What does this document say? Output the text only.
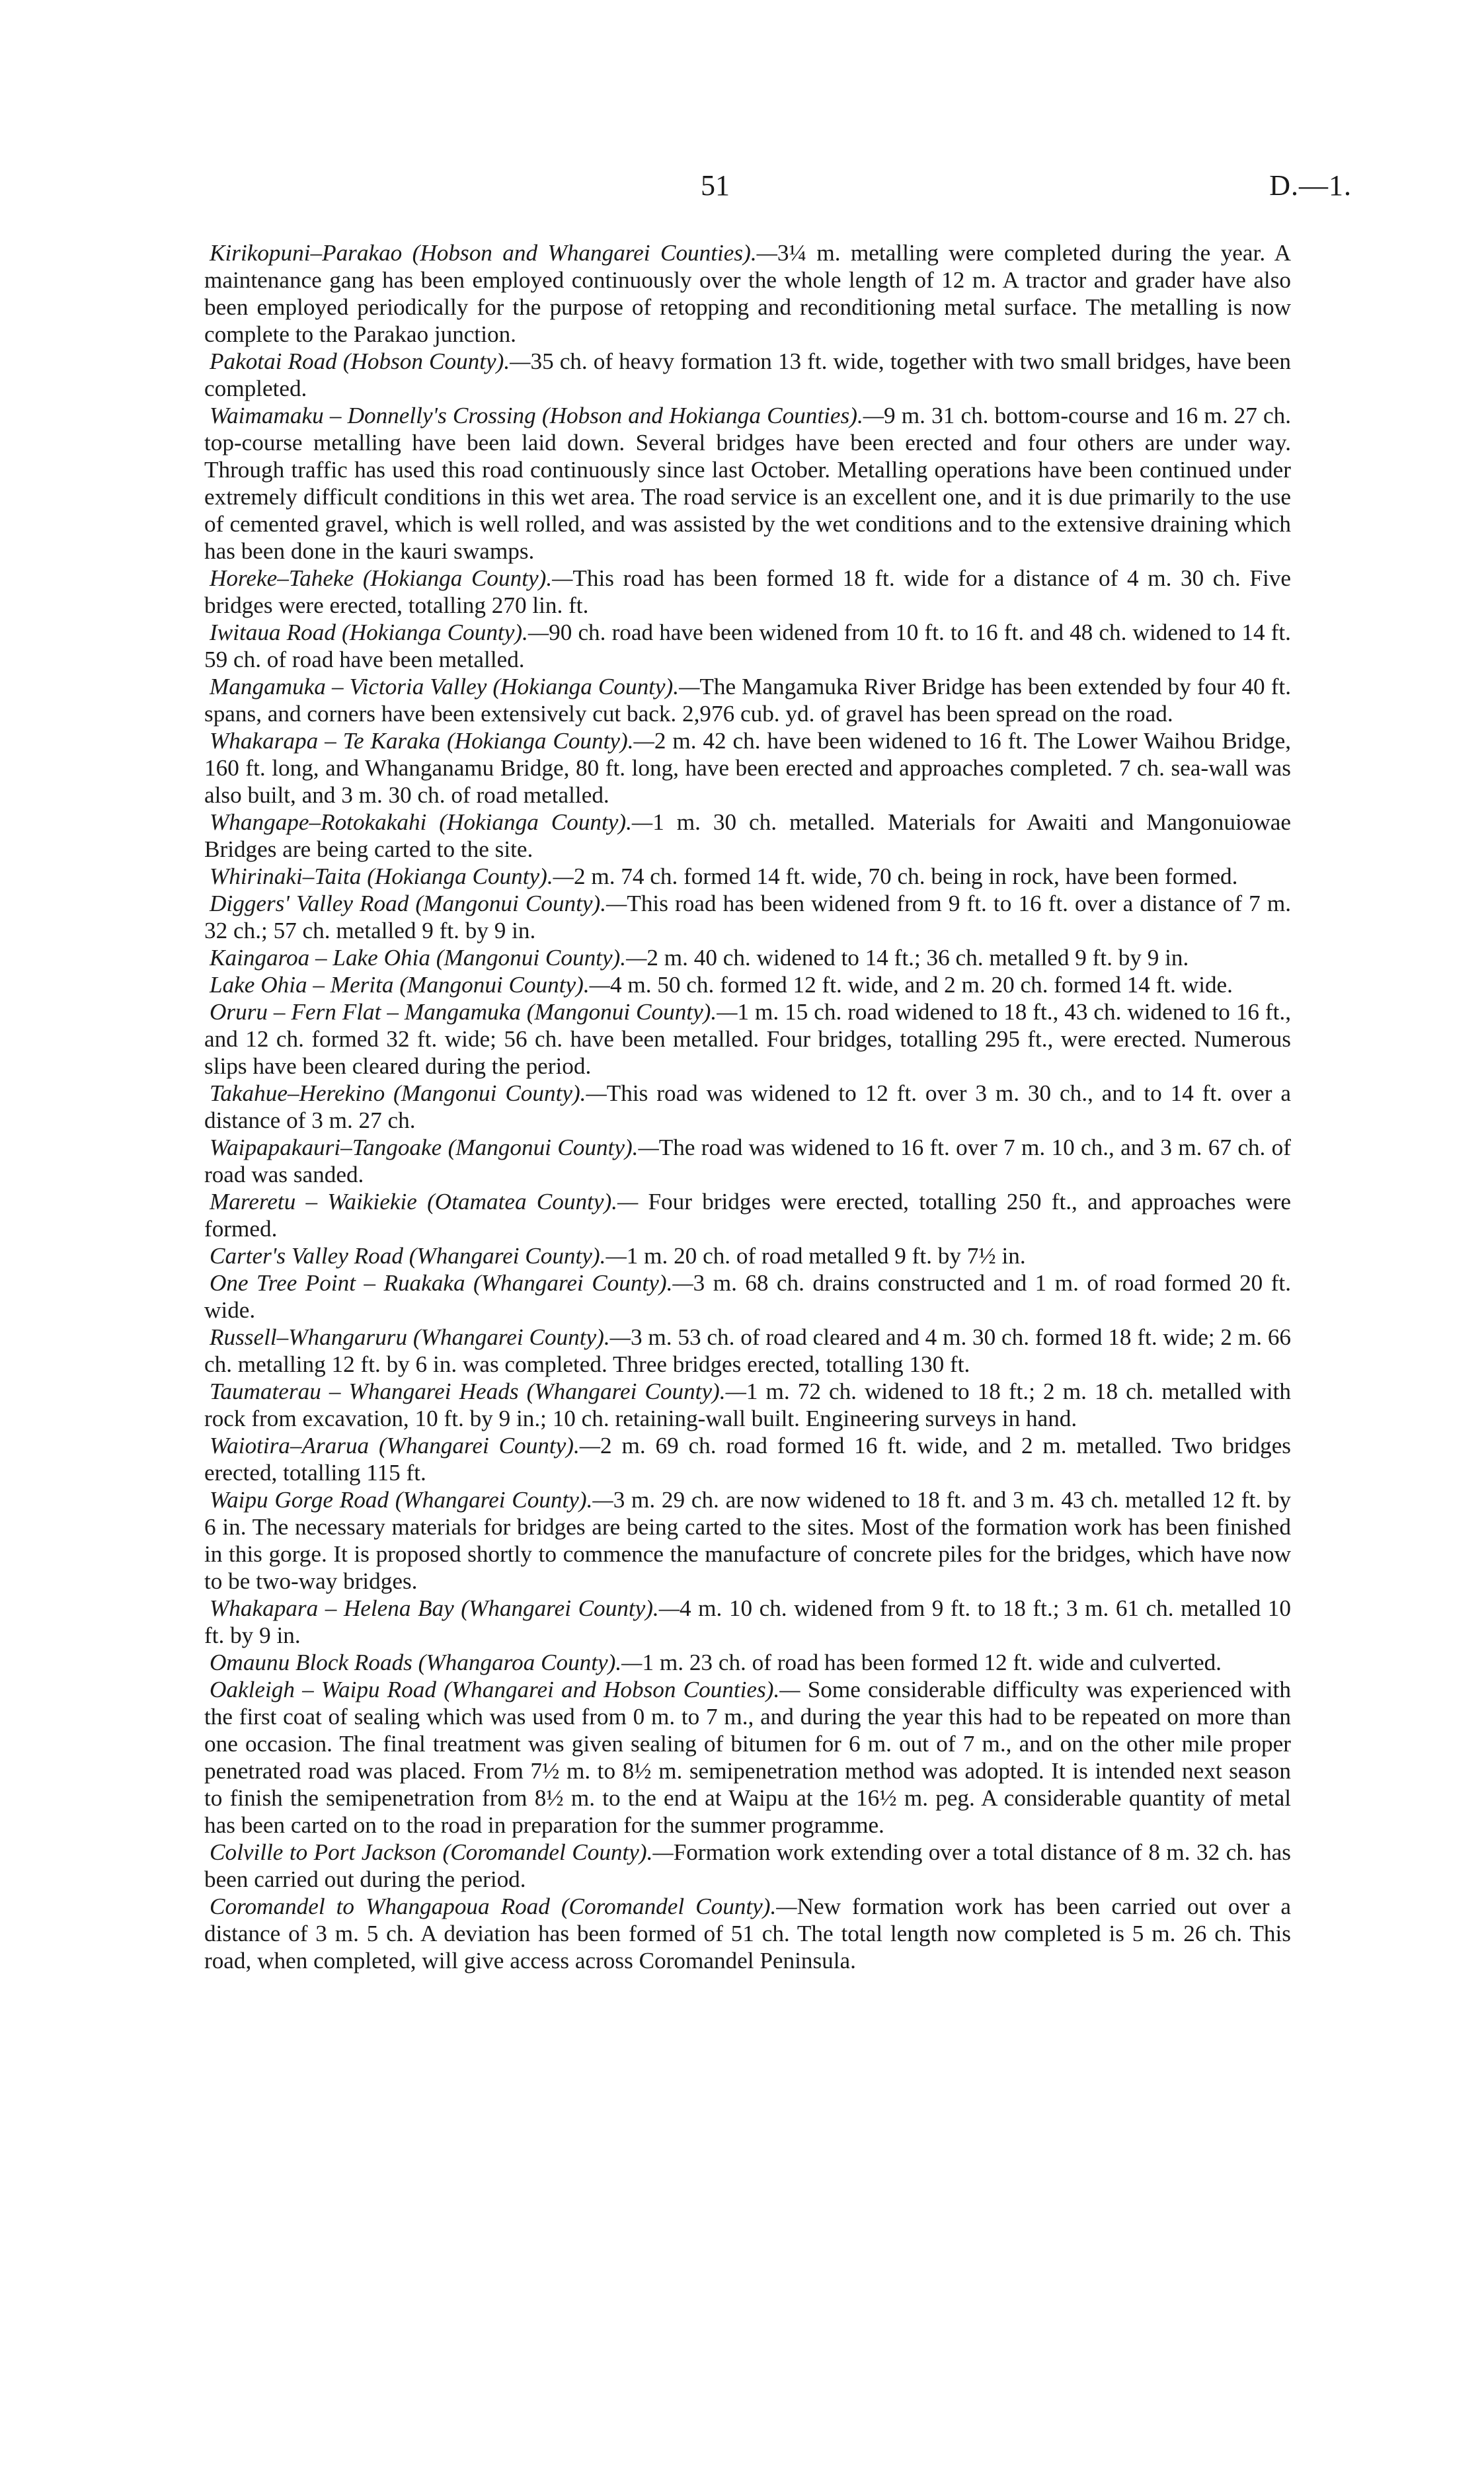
51	D.—1.

Kirikopuni–Parakao (Hobson and Whangarei Counties).—3¼ m. metalling were completed during the year. A maintenance gang has been employed continuously over the whole length of 12 m. A tractor and grader have also been employed periodically for the purpose of retopping and reconditioning metal surface. The metalling is now complete to the Parakao junction.

Pakotai Road (Hobson County).—35 ch. of heavy formation 13 ft. wide, together with two small bridges, have been completed.

Waimamaku – Donnelly's Crossing (Hobson and Hokianga Counties).—9 m. 31 ch. bottom-course and 16 m. 27 ch. top-course metalling have been laid down. Several bridges have been erected and four others are under way. Through traffic has used this road continuously since last October. Metalling operations have been continued under extremely difficult conditions in this wet area. The road service is an excellent one, and it is due primarily to the use of cemented gravel, which is well rolled, and was assisted by the wet conditions and to the extensive draining which has been done in the kauri swamps.

Horeke–Taheke (Hokianga County).—This road has been formed 18 ft. wide for a distance of 4 m. 30 ch. Five bridges were erected, totalling 270 lin. ft.

Iwitaua Road (Hokianga County).—90 ch. road have been widened from 10 ft. to 16 ft. and 48 ch. widened to 14 ft. 59 ch. of road have been metalled.

Mangamuka – Victoria Valley (Hokianga County).—The Mangamuka River Bridge has been extended by four 40 ft. spans, and corners have been extensively cut back. 2,976 cub. yd. of gravel has been spread on the road.

Whakarapa – Te Karaka (Hokianga County).—2 m. 42 ch. have been widened to 16 ft. The Lower Waihou Bridge, 160 ft. long, and Whanganamu Bridge, 80 ft. long, have been erected and approaches completed. 7 ch. sea-wall was also built, and 3 m. 30 ch. of road metalled.

Whangape–Rotokakahi (Hokianga County).—1 m. 30 ch. metalled. Materials for Awaiti and Mangonuiowae Bridges are being carted to the site.

Whirinaki–Taita (Hokianga County).—2 m. 74 ch. formed 14 ft. wide, 70 ch. being in rock, have been formed.

Diggers' Valley Road (Mangonui County).—This road has been widened from 9 ft. to 16 ft. over a distance of 7 m. 32 ch.; 57 ch. metalled 9 ft. by 9 in.

Kaingaroa – Lake Ohia (Mangonui County).—2 m. 40 ch. widened to 14 ft.; 36 ch. metalled 9 ft. by 9 in.

Lake Ohia – Merita (Mangonui County).—4 m. 50 ch. formed 12 ft. wide, and 2 m. 20 ch. formed 14 ft. wide.

Oruru – Fern Flat – Mangamuka (Mangonui County).—1 m. 15 ch. road widened to 18 ft., 43 ch. widened to 16 ft., and 12 ch. formed 32 ft. wide; 56 ch. have been metalled. Four bridges, totalling 295 ft., were erected. Numerous slips have been cleared during the period.

Takahue–Herekino (Mangonui County).—This road was widened to 12 ft. over 3 m. 30 ch., and to 14 ft. over a distance of 3 m. 27 ch.

Waipapakauri–Tangoake (Mangonui County).—The road was widened to 16 ft. over 7 m. 10 ch., and 3 m. 67 ch. of road was sanded.

Mareretu – Waikiekie (Otamatea County).— Four bridges were erected, totalling 250 ft., and approaches were formed.

Carter's Valley Road (Whangarei County).—1 m. 20 ch. of road metalled 9 ft. by 7½ in.

One Tree Point – Ruakaka (Whangarei County).—3 m. 68 ch. drains constructed and 1 m. of road formed 20 ft. wide.

Russell–Whangaruru (Whangarei County).—3 m. 53 ch. of road cleared and 4 m. 30 ch. formed 18 ft. wide; 2 m. 66 ch. metalling 12 ft. by 6 in. was completed. Three bridges erected, totalling 130 ft.

Taumaterau – Whangarei Heads (Whangarei County).—1 m. 72 ch. widened to 18 ft.; 2 m. 18 ch. metalled with rock from excavation, 10 ft. by 9 in.; 10 ch. retaining-wall built. Engineering surveys in hand.

Waiotira–Ararua (Whangarei County).—2 m. 69 ch. road formed 16 ft. wide, and 2 m. metalled. Two bridges erected, totalling 115 ft.

Waipu Gorge Road (Whangarei County).—3 m. 29 ch. are now widened to 18 ft. and 3 m. 43 ch. metalled 12 ft. by 6 in. The necessary materials for bridges are being carted to the sites. Most of the formation work has been finished in this gorge. It is proposed shortly to commence the manufacture of concrete piles for the bridges, which have now to be two-way bridges.

Whakapara – Helena Bay (Whangarei County).—4 m. 10 ch. widened from 9 ft. to 18 ft.; 3 m. 61 ch. metalled 10 ft. by 9 in.

Omaunu Block Roads (Whangaroa County).—1 m. 23 ch. of road has been formed 12 ft. wide and culverted.

Oakleigh – Waipu Road (Whangarei and Hobson Counties).— Some considerable difficulty was experienced with the first coat of sealing which was used from 0 m. to 7 m., and during the year this had to be repeated on more than one occasion. The final treatment was given sealing of bitumen for 6 m. out of 7 m., and on the other mile proper penetrated road was placed. From 7½ m. to 8½ m. semipenetration method was adopted. It is intended next season to finish the semipenetration from 8½ m. to the end at Waipu at the 16½ m. peg. A considerable quantity of metal has been carted on to the road in preparation for the summer programme.

Colville to Port Jackson (Coromandel County).—Formation work extending over a total distance of 8 m. 32 ch. has been carried out during the period.

Coromandel to Whangapoua Road (Coromandel County).—New formation work has been carried out over a distance of 3 m. 5 ch. A deviation has been formed of 51 ch. The total length now completed is 5 m. 26 ch. This road, when completed, will give access across Coromandel Peninsula.
